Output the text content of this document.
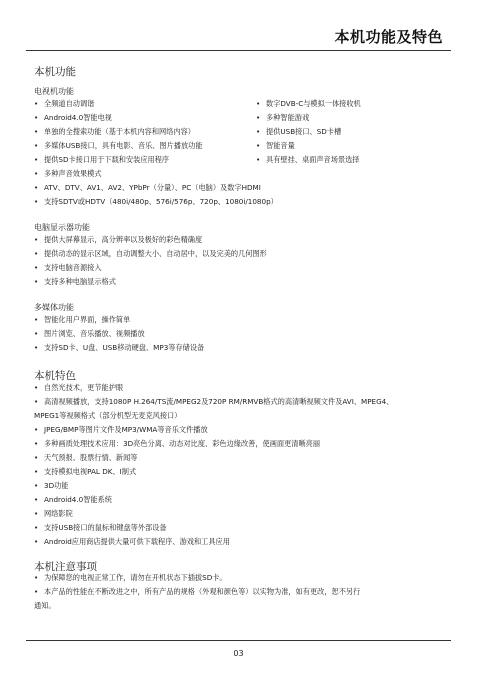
本机功能及特色
本机功能
电视机功能
• 全频道自动调谐
• Android4.0智能电视
• 单独的全搜索功能（基于本机内容和网络内容）
• 多媒体USB接口，具有电影、音乐、图片播放功能
• 提供SD卡接口用于下载和安装应用程序
• 多种声音效果模式
• ATV、DTV、AV1、AV2、YPbPr（分量）、PC（电脑）及数字HDMI
• 支持SDTV或HDTV（480i/480p、576i/576p、720p、1080i/1080p）
• 数字DVB-C与模拟一体接收机
• 多种智能游戏
• 提供USB接口、SD卡槽
• 智能音量
• 具有壁挂、桌面声音场景选择
电脑显示器功能
• 提供大屏幕显示，高分辨率以及极好的彩色精确度
• 提供动态的显示区域，自动调整大小、自动居中，以及完美的几何图形
• 支持电脑音源接入
• 支持多种电脑显示格式
多媒体功能
• 智能化用户界面，操作简单
• 图片浏览、音乐播放、视频播放
• 支持SD卡、U盘、USB移动硬盘、MP3等存储设备
本机特色
• 自然光技术，更节能护眼
• 高清视频播放，支持1080P H.264/TS流/MPEG2及720P RM/RMVB格式的高清晰视频文件及AVI、MPEG4、
MPEG1等视频格式（部分机型无麦克风接口）
• JPEG/BMP等图片文件及MP3/WMA等音乐文件播放
• 多种画质处理技术应用：3D亮色分离、动态对比度、彩色边缘改善，使画面更清晰亮丽
• 天气预报、股票行情、新闻等
• 支持模拟电视PAL DK、I制式
• 3D功能
• Android4.0智能系统
• 网络影院
• 支持USB接口的鼠标和键盘等外部设备
• Android应用商店提供大量可供下载程序、游戏和工具应用
本机注意事项
• 为保障您的电视正常工作，请勿在开机状态下插拔SD卡。
• 本产品的性能在不断改进之中，所有产品的规格（外观和颜色等）以实物为准，如有更改，恕不另行
通知。
03
